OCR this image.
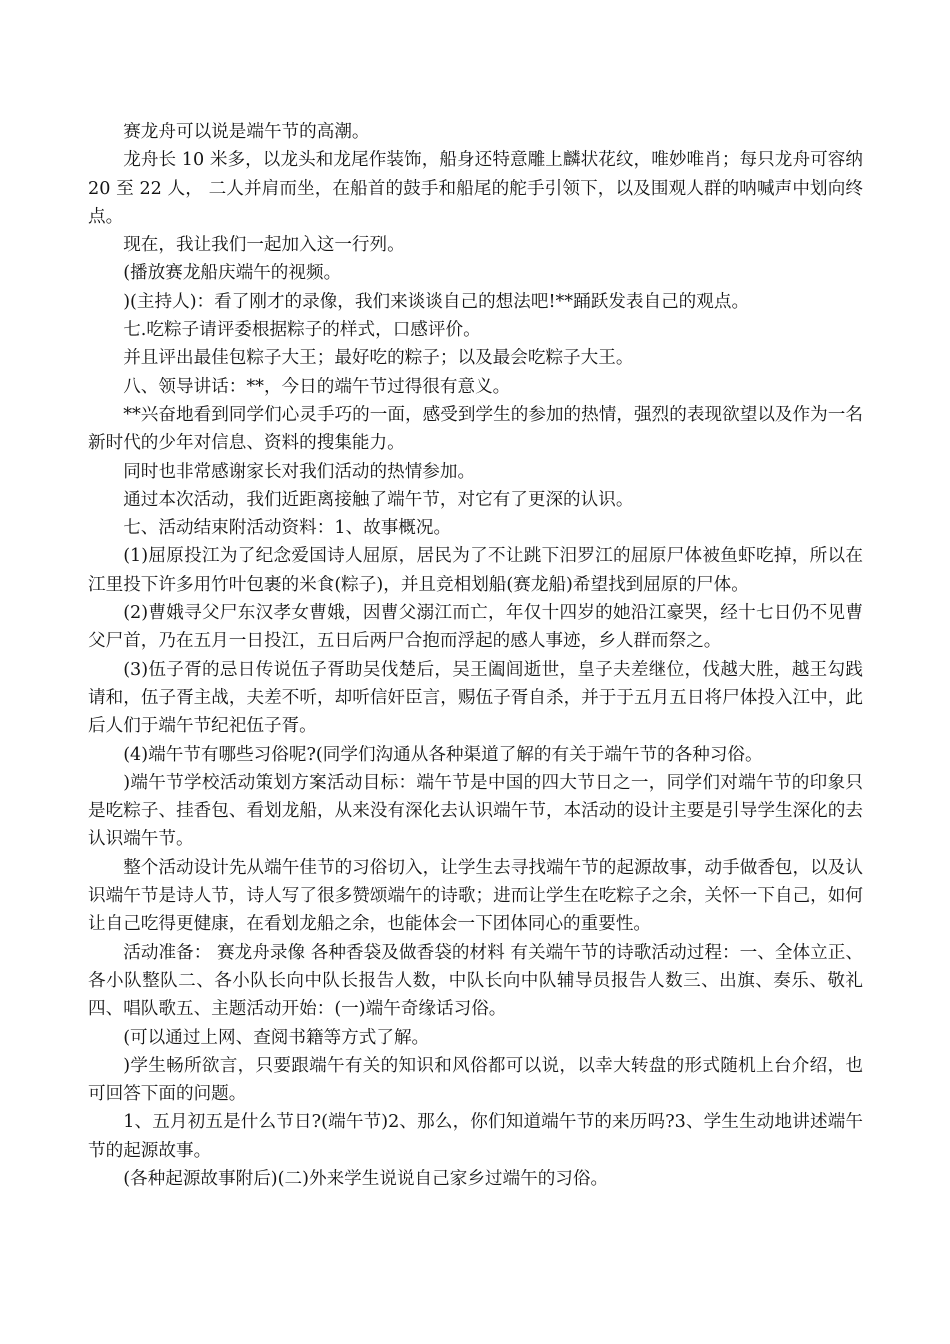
赛龙舟可以说是端午节的高潮。

龙舟长 10 米多，以龙头和龙尾作装饰，船身还特意雕上麟状花纹，唯妙唯肖；每只龙舟可容纳 20 至 22 人， 二人并肩而坐，在船首的鼓手和船尾的舵手引领下，以及围观人群的呐喊声中划向终点。

现在，我让我们一起加入这一行列。

(播放赛龙船庆端午的视频。

)(主持人)：看了刚才的录像，我们来谈谈自己的想法吧!**踊跃发表自己的观点。

七.吃粽子请评委根据粽子的样式，口感评价。

并且评出最佳包粽子大王；最好吃的粽子；以及最会吃粽子大王。

八、领导讲话：**，今日的端午节过得很有意义。

**兴奋地看到同学们心灵手巧的一面，感受到学生的参加的热情，强烈的表现欲望以及作为一名新时代的少年对信息、资料的搜集能力。

同时也非常感谢家长对我们活动的热情参加。

通过本次活动，我们近距离接触了端午节，对它有了更深的认识。

七、活动结束附活动资料：1、故事概况。

(1)屈原投江为了纪念爱国诗人屈原，居民为了不让跳下汨罗江的屈原尸体被鱼虾吃掉，所以在江里投下许多用竹叶包裹的米食(粽子)，并且竞相划船(赛龙船)希望找到屈原的尸体。

(2)曹娥寻父尸东汉孝女曹娥，因曹父溺江而亡，年仅十四岁的她沿江豪哭，经十七日仍不见曹父尸首，乃在五月一日投江，五日后两尸合抱而浮起的感人事迹，乡人群而祭之。

(3)伍子胥的忌日传说伍子胥助吴伐楚后，吴王阖闾逝世，皇子夫差继位，伐越大胜，越王勾践请和，伍子胥主战，夫差不听，却听信奸臣言，赐伍子胥自杀，并于于五月五日将尸体投入江中，此后人们于端午节纪祀伍子胥。

(4)端午节有哪些习俗呢?(同学们沟通从各种渠道了解的有关于端午节的各种习俗。

)端午节学校活动策划方案活动目标：端午节是中国的四大节日之一，同学们对端午节的印象只是吃粽子、挂香包、看划龙船，从来没有深化去认识端午节，本活动的设计主要是引导学生深化的去认识端午节。

整个活动设计先从端午佳节的习俗切入，让学生去寻找端午节的起源故事，动手做香包，以及认识端午节是诗人节，诗人写了很多赞颂端午的诗歌；进而让学生在吃粽子之余，关怀一下自己，如何让自己吃得更健康，在看划龙船之余，也能体会一下团体同心的重要性。

活动准备： 赛龙舟录像 各种香袋及做香袋的材料 有关端午节的诗歌活动过程：一、全体立正、各小队整队二、各小队长向中队长报告人数，中队长向中队辅导员报告人数三、出旗、奏乐、敬礼四、唱队歌五、主题活动开始：(一)端午奇缘话习俗。

(可以通过上网、查阅书籍等方式了解。

)学生畅所欲言，只要跟端午有关的知识和风俗都可以说，以幸大转盘的形式随机上台介绍，也可回答下面的问题。

1、五月初五是什么节日?(端午节)2、那么，你们知道端午节的来历吗?3、学生生动地讲述端午节的起源故事。

(各种起源故事附后)(二)外来学生说说自己家乡过端午的习俗。
